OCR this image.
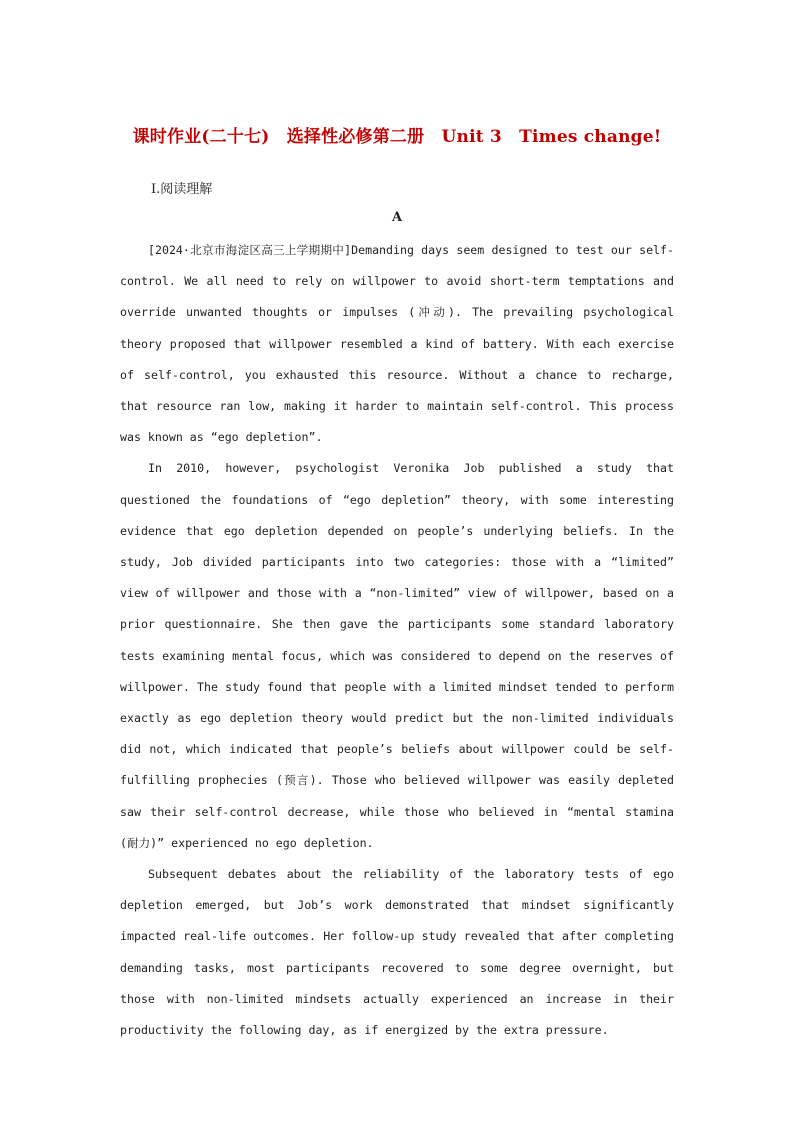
课时作业(二十七)　选择性必修第二册　Unit 3　Times change!
Ⅰ.阅读理解
A

[2024·北京市海淀区高三上学期期中]Demanding days seem designed to test our self-control. We all need to rely on willpower to avoid short-term temptations and override unwanted thoughts or impulses (冲动). The prevailing psychological theory proposed that willpower resembled a kind of battery. With each exercise of self-control, you exhausted this resource. Without a chance to recharge, that resource ran low, making it harder to maintain self-control. This process was known as “ego depletion”.

In 2010, however, psychologist Veronika Job published a study that questioned the foundations of “ego depletion” theory, with some interesting evidence that ego depletion depended on people’s underlying beliefs. In the study, Job divided participants into two categories: those with a “limited” view of willpower and those with a “non-limited” view of willpower, based on a prior questionnaire. She then gave the participants some standard laboratory tests examining mental focus, which was considered to depend on the reserves of willpower. The study found that people with a limited mindset tended to perform exactly as ego depletion theory would predict but the non-limited individuals did not, which indicated that people’s beliefs about willpower could be self-fulfilling prophecies (预言). Those who believed willpower was easily depleted saw their self-control decrease, while those who believed in “mental stamina (耐力)” experienced no ego depletion.

Subsequent debates about the reliability of the laboratory tests of ego depletion emerged, but Job’s work demonstrated that mindset significantly impacted real-life outcomes. Her follow-up study revealed that after completing demanding tasks, most participants recovered to some degree overnight, but those with non-limited mindsets actually experienced an increase in their productivity the following day, as if energized by the extra pressure.
